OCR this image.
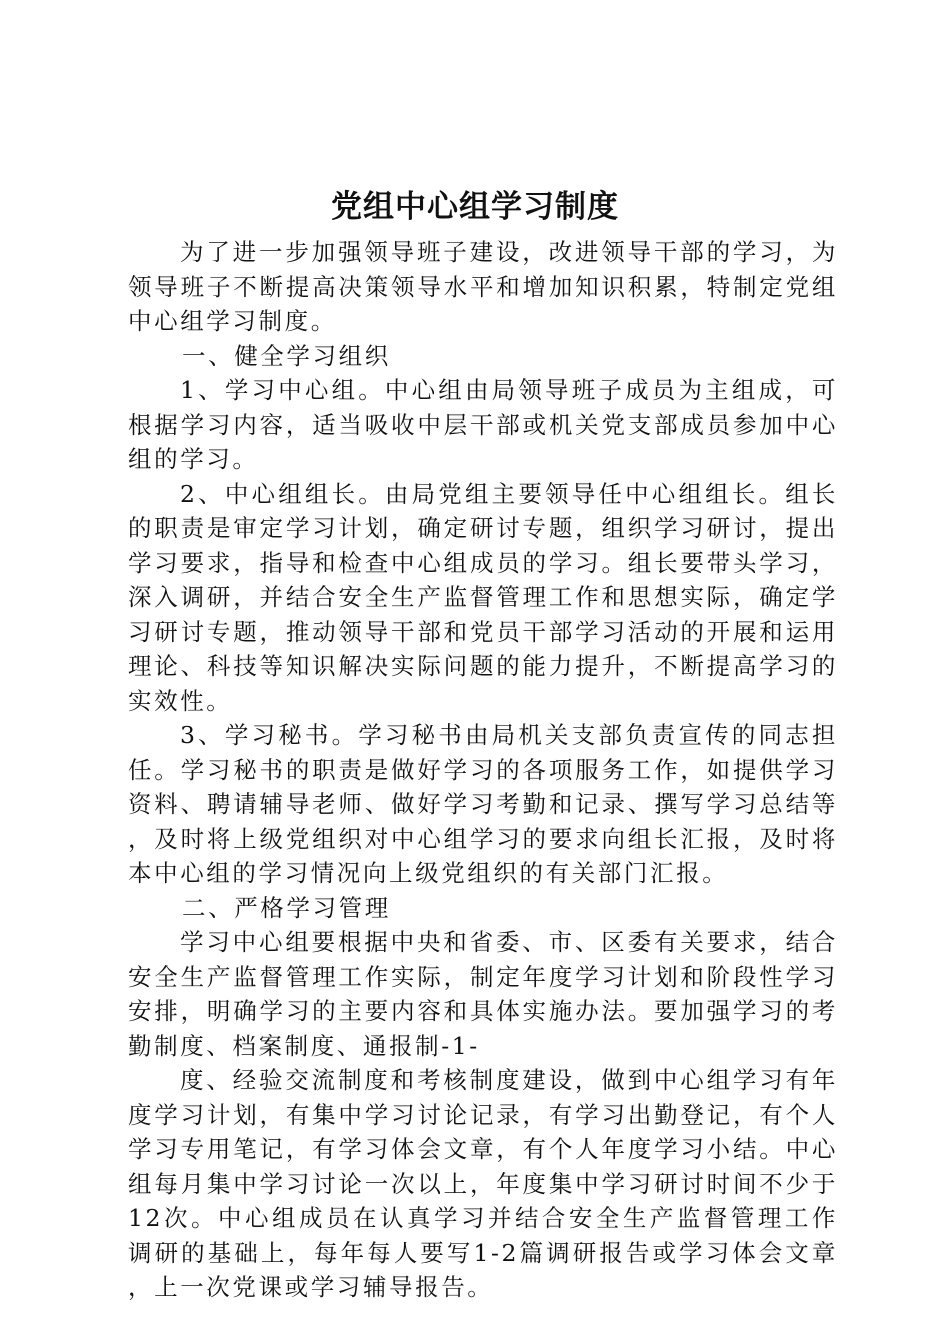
党组中心组学习制度

为了进一步加强领导班子建设，改进领导干部的学习，为领导班子不断提高决策领导水平和增加知识积累，特制定党组中心组学习制度。

一、健全学习组织

1、学习中心组。中心组由局领导班子成员为主组成，可根据学习内容，适当吸收中层干部或机关党支部成员参加中心组的学习。

2、中心组组长。由局党组主要领导任中心组组长。组长的职责是审定学习计划，确定研讨专题，组织学习研讨，提出学习要求，指导和检查中心组成员的学习。组长要带头学习，深入调研，并结合安全生产监督管理工作和思想实际，确定学习研讨专题，推动领导干部和党员干部学习活动的开展和运用理论、科技等知识解决实际问题的能力提升，不断提高学习的实效性。

3、学习秘书。学习秘书由局机关支部负责宣传的同志担任。学习秘书的职责是做好学习的各项服务工作，如提供学习资料、聘请辅导老师、做好学习考勤和记录、撰写学习总结等，及时将上级党组织对中心组学习的要求向组长汇报，及时将本中心组的学习情况向上级党组织的有关部门汇报。

二、严格学习管理

学习中心组要根据中央和省委、市、区委有关要求，结合安全生产监督管理工作实际，制定年度学习计划和阶段性学习安排，明确学习的主要内容和具体实施办法。要加强学习的考勤制度、档案制度、通报制-1-

度、经验交流制度和考核制度建设，做到中心组学习有年度学习计划，有集中学习讨论记录，有学习出勤登记，有个人学习专用笔记，有学习体会文章，有个人年度学习小结。中心组每月集中学习讨论一次以上，年度集中学习研讨时间不少于12次。中心组成员在认真学习并结合安全生产监督管理工作调研的基础上，每年每人要写1-2篇调研报告或学习体会文章，上一次党课或学习辅导报告。
